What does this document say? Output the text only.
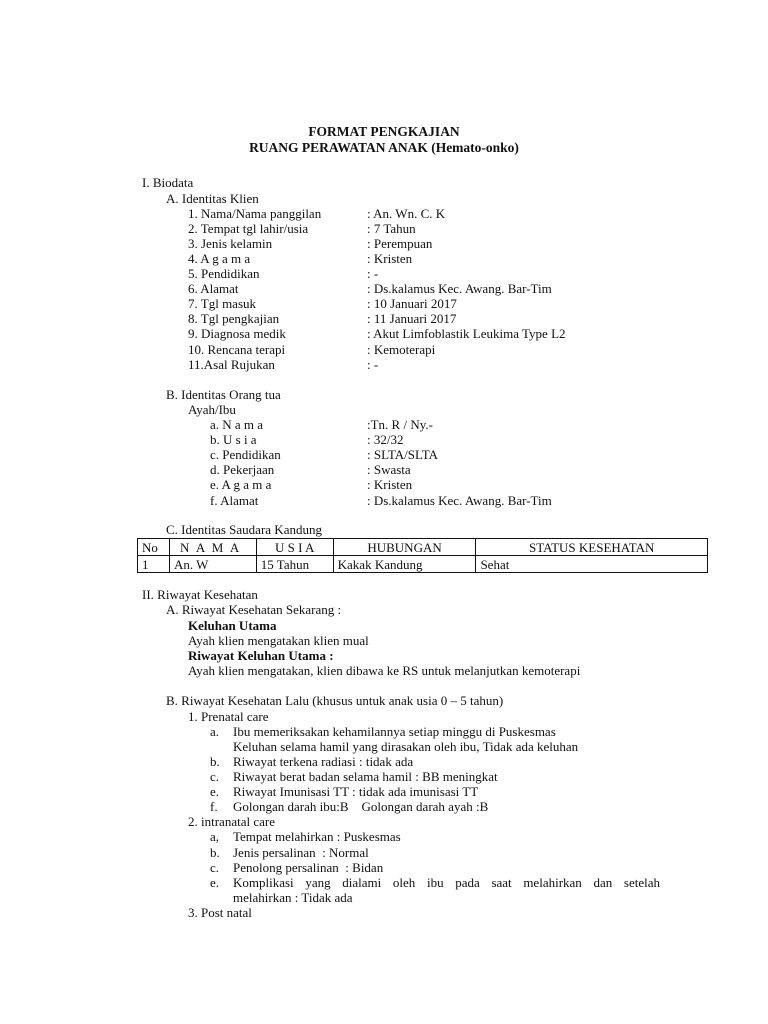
FORMAT PENGKAJIAN
RUANG PERAWATAN ANAK (Hemato-onko)
I. Biodata
A. Identitas Klien
1. Nama/Nama panggilan	: An. Wn. C. K
2. Tempat tgl lahir/usia	: 7 Tahun
3. Jenis kelamin	: Perempuan
4. A g a m a	: Kristen
5. Pendidikan	: -
6. Alamat	: Ds.kalamus Kec. Awang. Bar-Tim
7. Tgl masuk	: 10 Januari 2017
8. Tgl pengkajian	: 11 Januari 2017
9. Diagnosa medik	: Akut Limfoblastik Leukima Type L2
10. Rencana terapi	: Kemoterapi
11.Asal Rujukan	: -
B. Identitas Orang tua
Ayah/Ibu
a. N a m a	:Tn. R / Ny.-
b. U s i a	: 32/32
c. Pendidikan	: SLTA/SLTA
d. Pekerjaan	: Swasta
e. A g a m a	: Kristen
f. Alamat	: Ds.kalamus Kec. Awang. Bar-Tim
C. Identitas Saudara Kandung
No	N A M A	U S I A	HUBUNGAN	STATUS KESEHATAN
1	An. W	15 Tahun	Kakak Kandung	Sehat
II. Riwayat Kesehatan
A. Riwayat Kesehatan Sekarang :
Keluhan Utama
Ayah klien mengatakan klien mual
Riwayat Keluhan Utama :
Ayah klien mengatakan, klien dibawa ke RS untuk melanjutkan kemoterapi
B. Riwayat Kesehatan Lalu (khusus untuk anak usia 0 – 5 tahun)
1. Prenatal care
a. Ibu memeriksakan kehamilannya setiap minggu di Puskesmas
Keluhan selama hamil yang dirasakan oleh ibu, Tidak ada keluhan
b. Riwayat terkena radiasi : tidak ada
c. Riwayat berat badan selama hamil : BB meningkat
e. Riwayat Imunisasi TT : tidak ada imunisasi TT
f. Golongan darah ibu:B    Golongan darah ayah :B
2. intranatal care
a, Tempat melahirkan : Puskesmas
b. Jenis persalinan  : Normal
c. Penolong persalinan  : Bidan
e. Komplikasi yang dialami oleh ibu pada saat melahirkan dan setelah
melahirkan : Tidak ada
3. Post natal
